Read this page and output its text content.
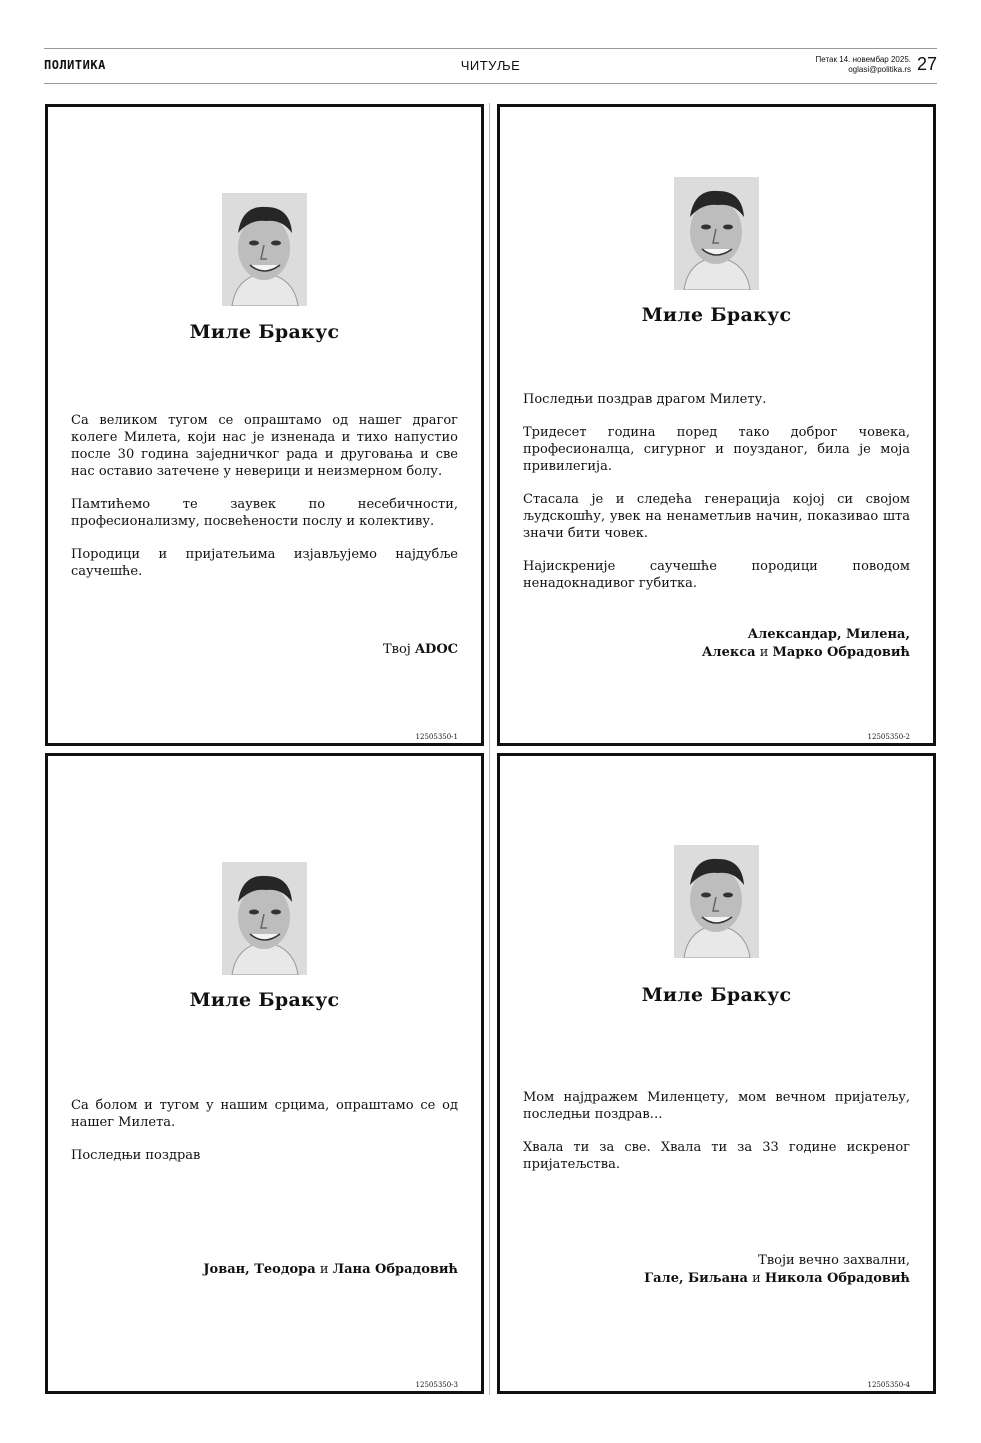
ПОЛИТИКА	ЧИТУЉЕ	Петак 14. новембар 2025.
oglasi@politika.rs 27
Миле Бракус

Са великом тугом се опраштамо од нашег драгог колеге Милета, који нас је изненада и тихо напустио после 30 година заједничког рада и друговања и све нас оставио затечене у неверици и неизмерном болу.

Памтићемо те заувек по несебичности, професионализму, посвећености послу и колективу.

Породици и пријатељима изјављујемо најдубље саучешће.

Твој ADOC
12505350-1
Миле Бракус

Последњи поздрав драгом Милету.

Тридесет година поред тако доброг човека, професионалца, сигурног и поузданог, била је моја привилегија.

Стасала је и следећа генерација којој си својом људскошћу, увек на ненаметљив начин, показивао шта значи бити човек.

Најискреније саучешће породици поводом ненадокнадивог губитка.

Александар, Милена,
Алекса и Марко Обрадовић
12505350-2
Миле Бракус

Са болом и тугом у нашим срцима, опраштамо се од нашег Милета.

Последњи поздрав

Јован, Теодора и Лана Обрадовић
12505350-3
Миле Бракус

Мом најдражем Миленцету, мом вечном пријатељу, последњи поздрав…

Хвала ти за све. Хвала ти за 33 године искреног пријатељства.

Твоји вечно захвални,
Гале, Биљана и Никола Обрадовић
12505350-4
